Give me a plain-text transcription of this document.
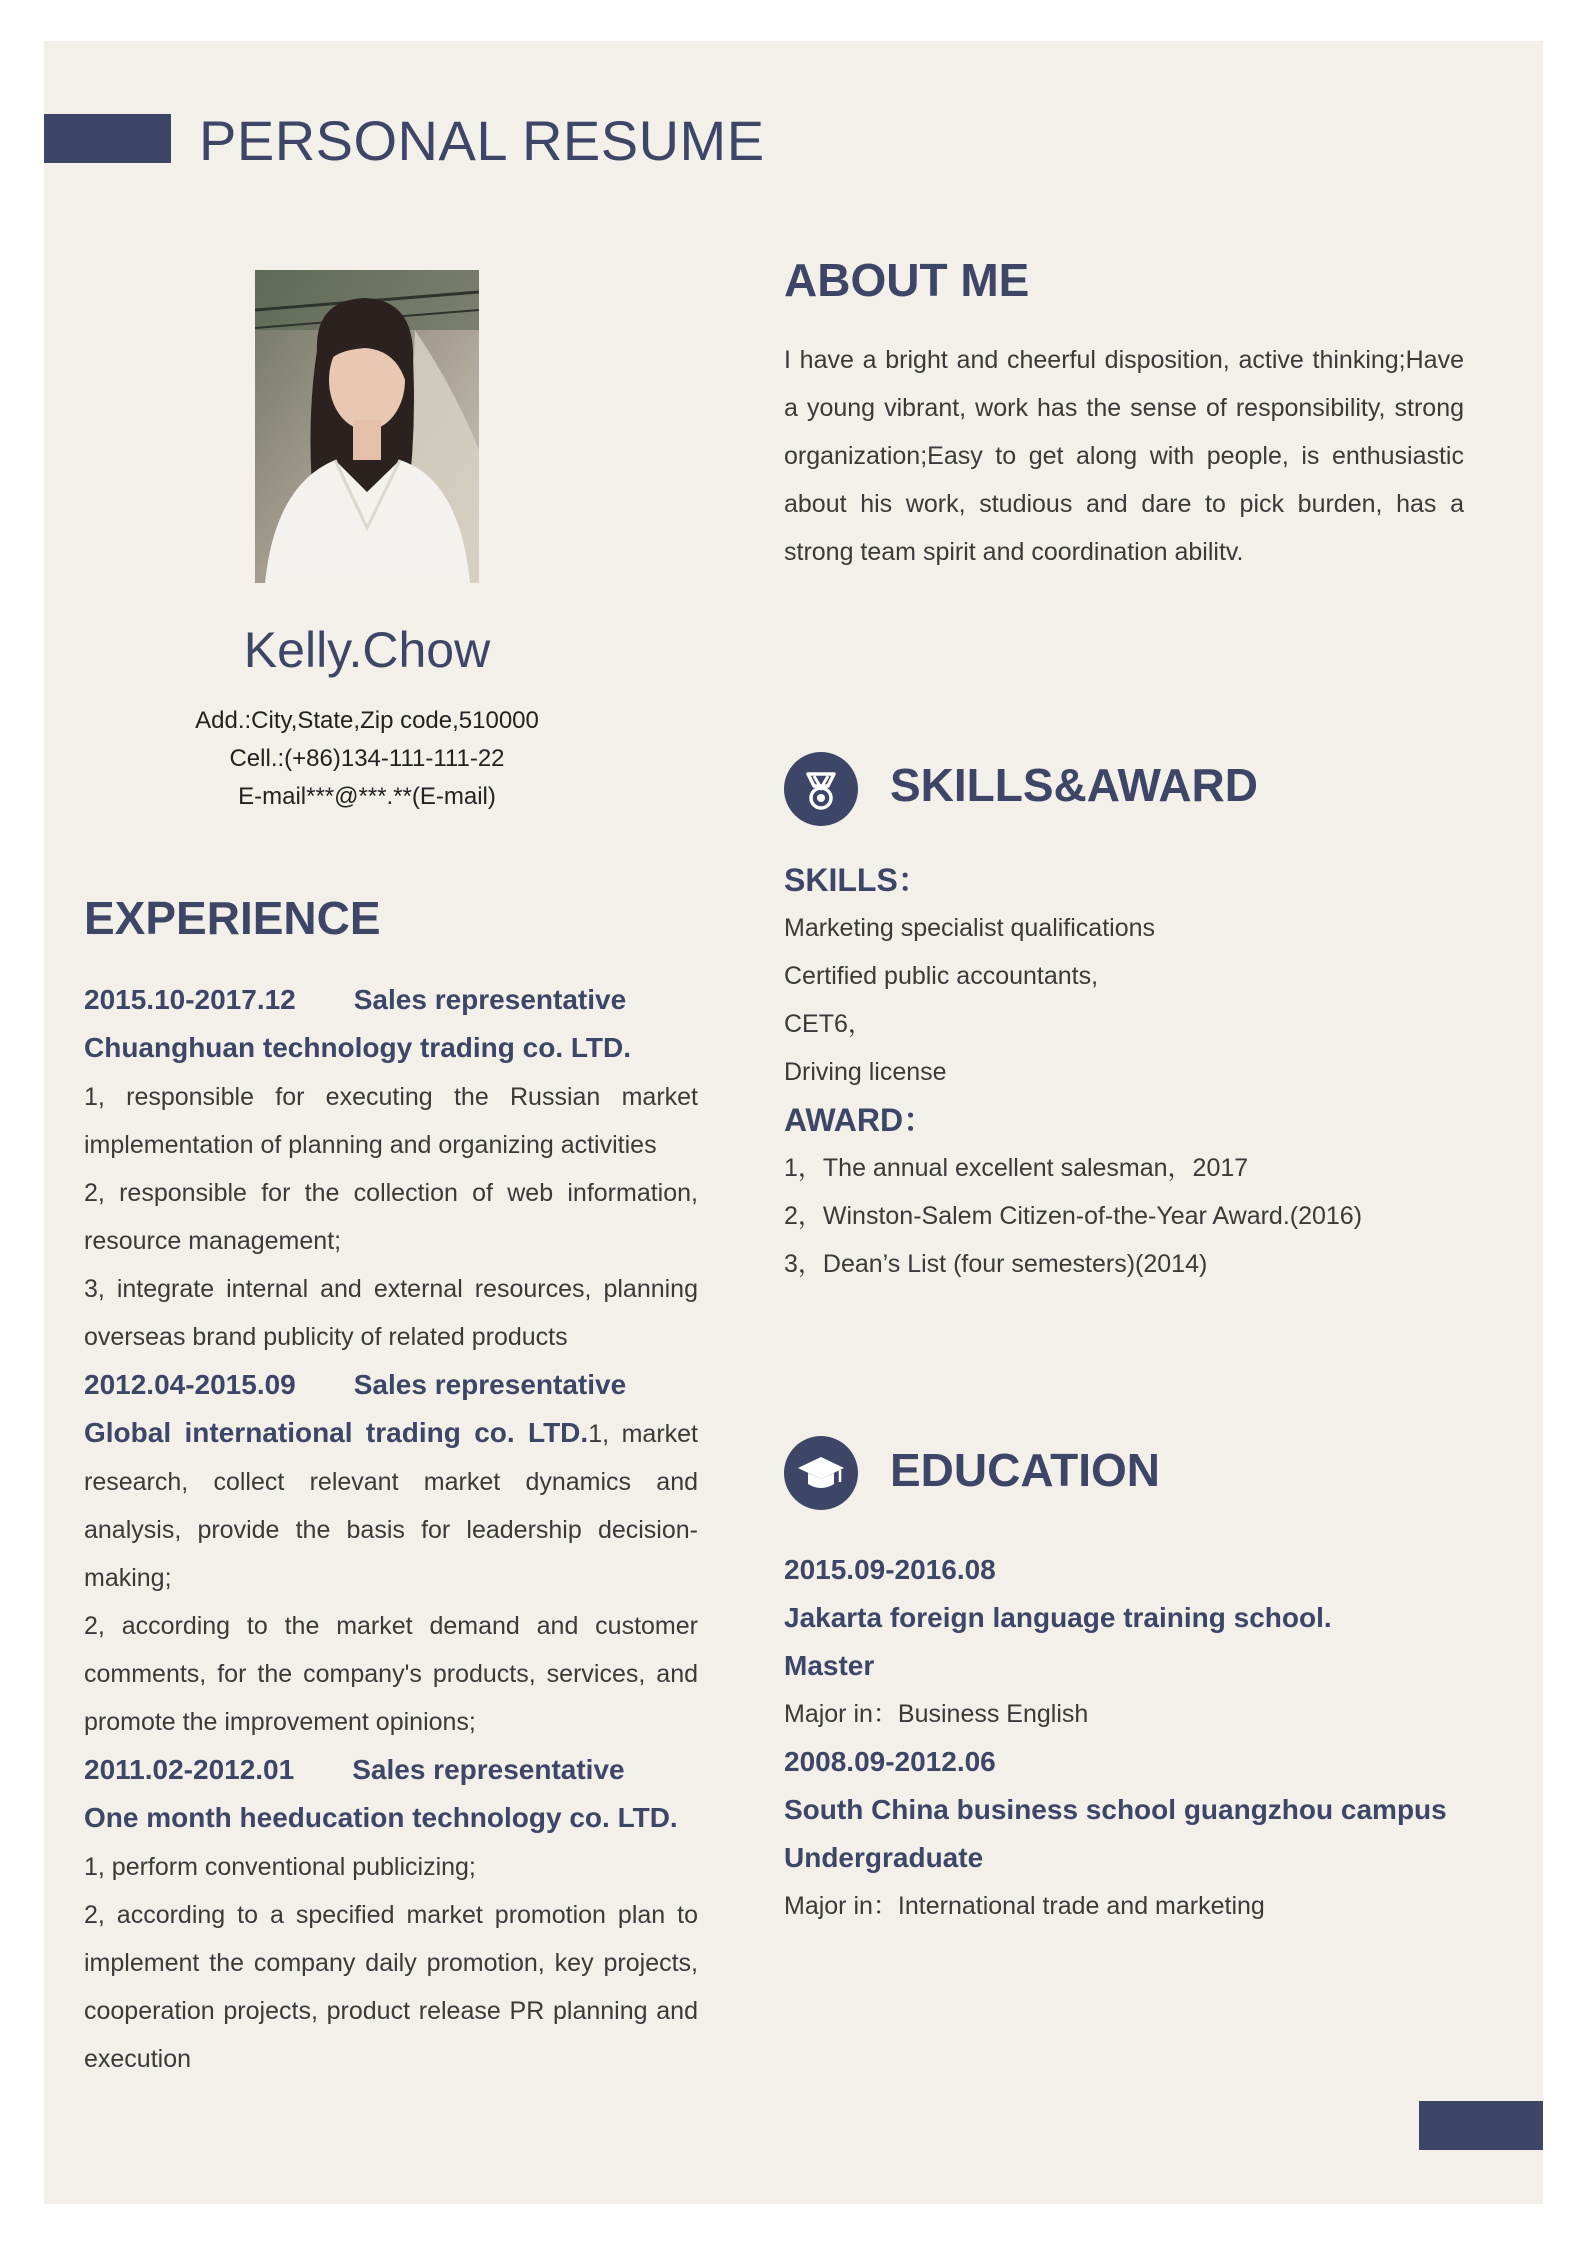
PERSONAL RESUME
Kelly.Chow
Add.:City,State,Zip code,510000
Cell.:(+86)134-111-111-22
E-mail***@***.**(E-mail)
EXPERIENCE

2015.10-2017.12 Sales representative

Chuanghuan technology trading co. LTD.

1, responsible for executing the Russian market implementation of planning and organizing activities

2, responsible for the collection of web information, resource management;

3, integrate internal and external resources, planning overseas brand publicity of related products

2012.04-2015.09 Sales representative

Global international trading co. LTD.1, market research, collect relevant market dynamics and analysis, provide the basis for leadership decision-making;

2, according to the market demand and customer comments, for the company's products, services, and promote the improvement opinions;

2011.02-2012.01 Sales representative

One month heeducation technology co. LTD.

1, perform conventional publicizing;

2, according to a specified market promotion plan to implement the company daily promotion, key projects, cooperation projects, product release PR planning and execution

ABOUT ME

I have a bright and cheerful disposition, active thinking;Have a young vibrant, work has the sense of responsibility, strong organization;Easy to get along with people, is enthusiastic about his work, studious and dare to pick burden, has a strong team spirit and coordination abilitv.

SKILLS&AWARD

SKILLS：

Marketing specialist qualifications

Certified public accountants,

CET6，

Driving license

AWARD：

1，The annual excellent salesman，2017

2，Winston-Salem Citizen-of-the-Year Award.(2016)

3，Dean’s List (four semesters)(2014)

EDUCATION

2015.09-2016.08

Jakarta foreign language training school.

Master

Major in：Business English

2008.09-2012.06

South China business school guangzhou campus

Undergraduate

Major in：International trade and marketing
